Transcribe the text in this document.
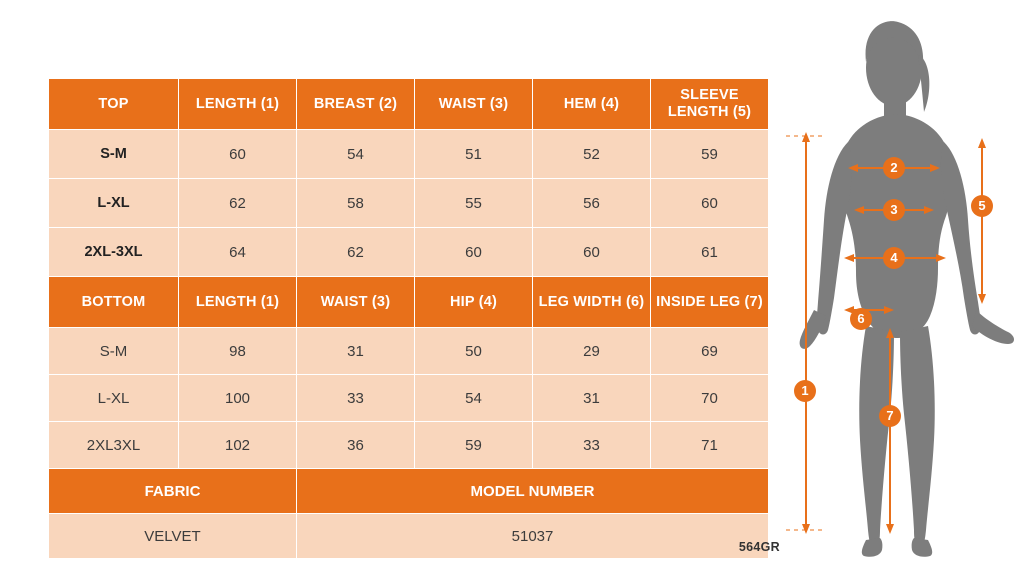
TOP	LENGTH (1)	BREAST (2)	WAIST (3)	HEM (4)	SLEEVE LENGTH (5)
S-M	60	54	51	52	59
L-XL	62	58	55	56	60
2XL-3XL	64	62	60	60	61
BOTTOM	LENGTH (1)	WAIST (3)	HIP (4)	LEG WIDTH (6)	INSIDE LEG (7)
S-M	98	31	50	29	69
L-XL	100	33	54	31	70
2XL3XL	102	36	59	33	71
FABRIC		MODEL NUMBER			
VELVET		51037			
564GR
1
2
3
4
5
6
7
